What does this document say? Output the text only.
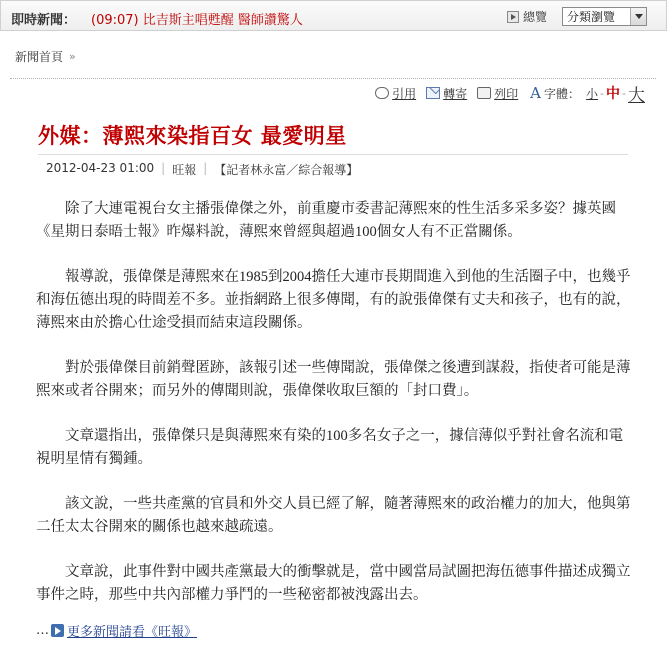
即時新聞： (09:07) 比吉斯主唱甦醒 醫師讚驚人	總覽 分類瀏覽
新聞首頁 »
引用 轉寄 列印 A 字體： 小 - 中 - 大
外媒：薄熙來染指百女 最愛明星
2012-04-23 01:00 | 旺報 | 【記者林永富／綜合報導】

除了大連電視台女主播張偉傑之外，前重慶市委書記薄熙來的性生活多采多姿？據英國《星期日泰晤士報》昨爆料說，薄熙來曾經與超過100個女人有不正當關係。

報導說，張偉傑是薄熙來在1985到2004擔任大連市長期間進入到他的生活圈子中，也幾乎和海伍德出現的時間差不多。並指網路上很多傳聞，有的說張偉傑有丈夫和孩子，也有的說，薄熙來由於擔心仕途受損而結束這段關係。

對於張偉傑目前銷聲匿跡，該報引述一些傳聞說，張偉傑之後遭到謀殺，指使者可能是薄熙來或者谷開來；而另外的傳聞則說，張偉傑收取巨額的「封口費」。

文章還指出，張偉傑只是與薄熙來有染的100多名女子之一，據信薄似乎對社會名流和電視明星情有獨鍾。

該文說，一些共產黨的官員和外交人員已經了解，隨著薄熙來的政治權力的加大，他與第二任太太谷開來的關係也越來越疏遠。

文章說，此事件對中國共產黨最大的衝擊就是，當中國當局試圖把海伍德事件描述成獨立事件之時，那些中共內部權力爭鬥的一些秘密都被洩露出去。

… 更多新聞請看《旺報》
